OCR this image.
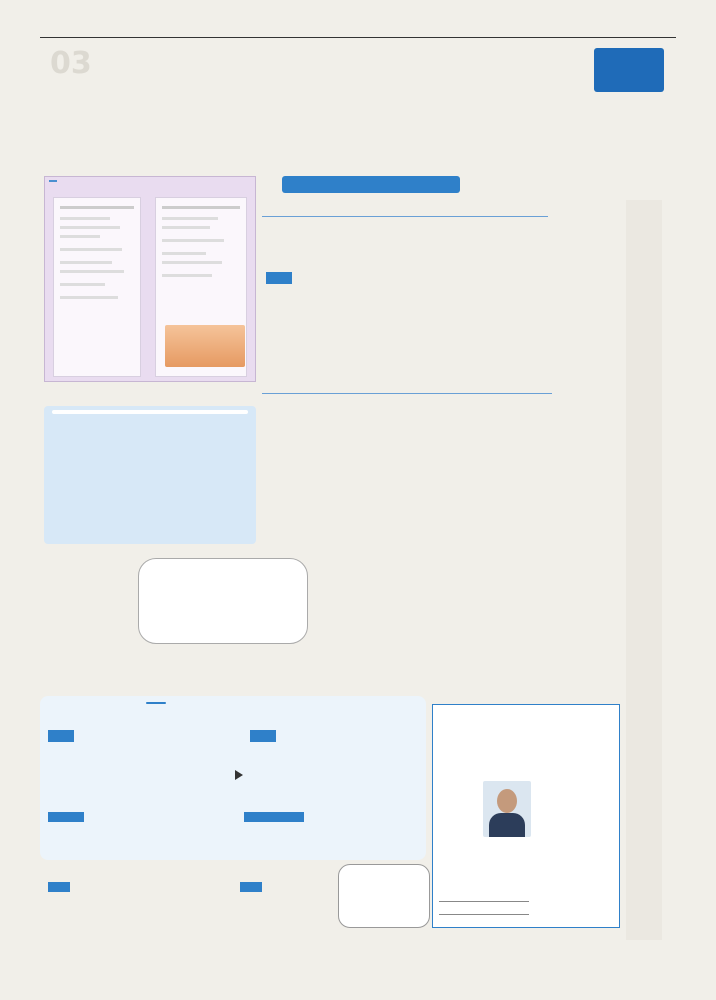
03
